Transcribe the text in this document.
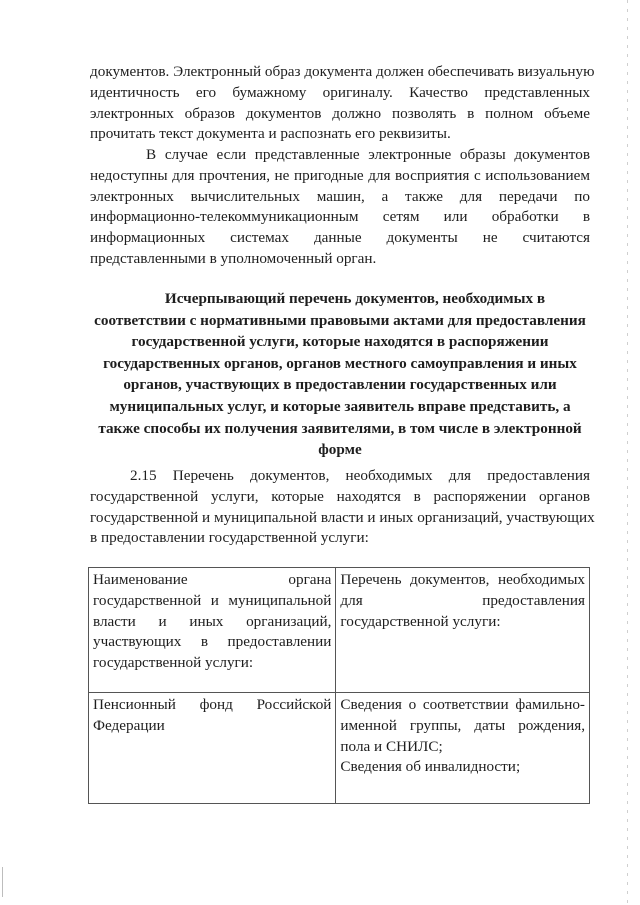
документов. Электронный образ документа должен обеспечивать визуальную
идентичность его бумажному оригиналу. Качество представленных
электронных образов документов должно позволять в полном объеме
прочитать текст документа и распознать его реквизиты.
В случае если представленные электронные образы документов
недоступны для прочтения, не пригодные для восприятия с использованием
электронных вычислительных машин, а также для передачи по
информационно-телекоммуникационным сетям или обработки в
информационных системах данные документы не считаются
представленными в уполномоченный орган.
Исчерпывающий перечень документов, необходимых в
соответствии с нормативными правовыми актами для предоставления
государственной услуги, которые находятся в распоряжении
государственных органов, органов местного самоуправления и иных
органов, участвующих в предоставлении государственных или
муниципальных услуг, и которые заявитель вправе представить, а
также способы их получения заявителями, в том числе в электронной
форме
2.15 Перечень документов, необходимых для предоставления
государственной услуги, которые находятся в распоряжении органов
государственной и муниципальной власти и иных организаций, участвующих
в предоставлении государственной услуги:
Наименование органа
государственной и муниципальной
власти и иных организаций,
участвующих в предоставлении
государственной услуги:	Перечень документов, необходимых
для предоставления
государственной услуги:

Пенсионный фонд Российской
Федерации	Сведения о соответствии фамильно-
именной группы, даты рождения,
пола и СНИЛС;
Сведения об инвалидности;
